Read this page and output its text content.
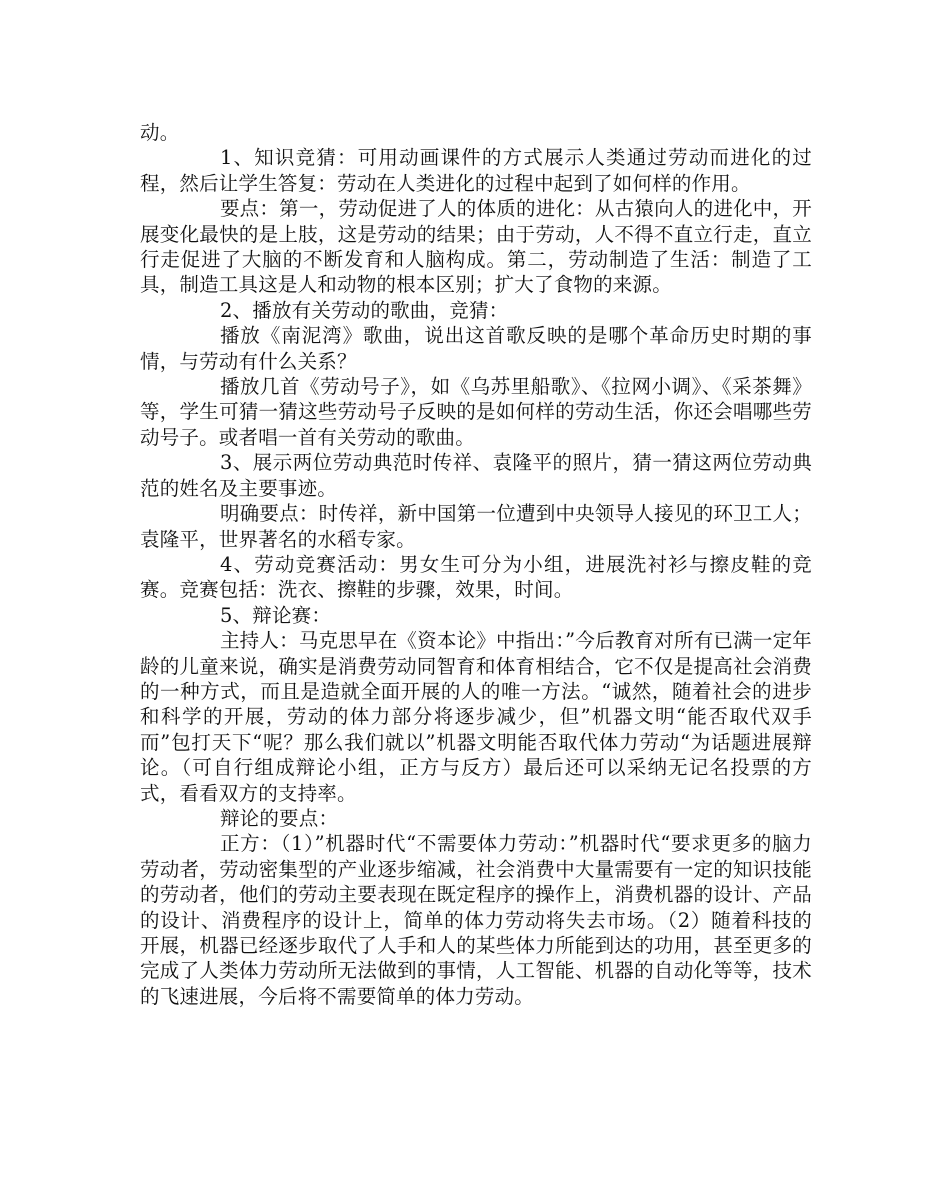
动。

1、知识竞猜：可用动画课件的方式展示人类通过劳动而进化的过程，然后让学生答复：劳动在人类进化的过程中起到了如何样的作用。

要点：第一，劳动促进了人的体质的进化：从古猿向人的进化中，开展变化最快的是上肢，这是劳动的结果；由于劳动，人不得不直立行走，直立行走促进了大脑的不断发育和人脑构成。第二，劳动制造了生活：制造了工具，制造工具这是人和动物的根本区别；扩大了食物的来源。

2、播放有关劳动的歌曲，竞猜：

播放《南泥湾》歌曲，说出这首歌反映的是哪个革命历史时期的事情，与劳动有什么关系？

播放几首《劳动号子》，如《乌苏里船歌》、《拉网小调》、《采茶舞》等，学生可猜一猜这些劳动号子反映的是如何样的劳动生活，你还会唱哪些劳动号子。或者唱一首有关劳动的歌曲。

3、展示两位劳动典范时传祥、袁隆平的照片，猜一猜这两位劳动典范的姓名及主要事迹。

明确要点：时传祥，新中国第一位遭到中央领导人接见的环卫工人；袁隆平，世界著名的水稻专家。

4、劳动竞赛活动：男女生可分为小组，进展洗衬衫与擦皮鞋的竞赛。竞赛包括：洗衣、擦鞋的步骤，效果，时间。

5、辩论赛：

主持人：马克思早在《资本论》中指出：”今后教育对所有已满一定年龄的儿童来说，确实是消费劳动同智育和体育相结合，它不仅是提高社会消费的一种方式，而且是造就全面开展的人的唯一方法。“诚然，随着社会的进步和科学的开展，劳动的体力部分将逐步减少，但”机器文明“能否取代双手而”包打天下“呢？那么我们就以”机器文明能否取代体力劳动“为话题进展辩论。（可自行组成辩论小组，正方与反方）最后还可以采纳无记名投票的方式，看看双方的支持率。

辩论的要点：

正方：（1）”机器时代“不需要体力劳动：”机器时代“要求更多的脑力劳动者，劳动密集型的产业逐步缩减，社会消费中大量需要有一定的知识技能的劳动者，他们的劳动主要表现在既定程序的操作上，消费机器的设计、产品的设计、消费程序的设计上，简单的体力劳动将失去市场。（2）随着科技的开展，机器已经逐步取代了人手和人的某些体力所能到达的功用，甚至更多的完成了人类体力劳动所无法做到的事情，人工智能、机器的自动化等等，技术的飞速进展，今后将不需要简单的体力劳动。
